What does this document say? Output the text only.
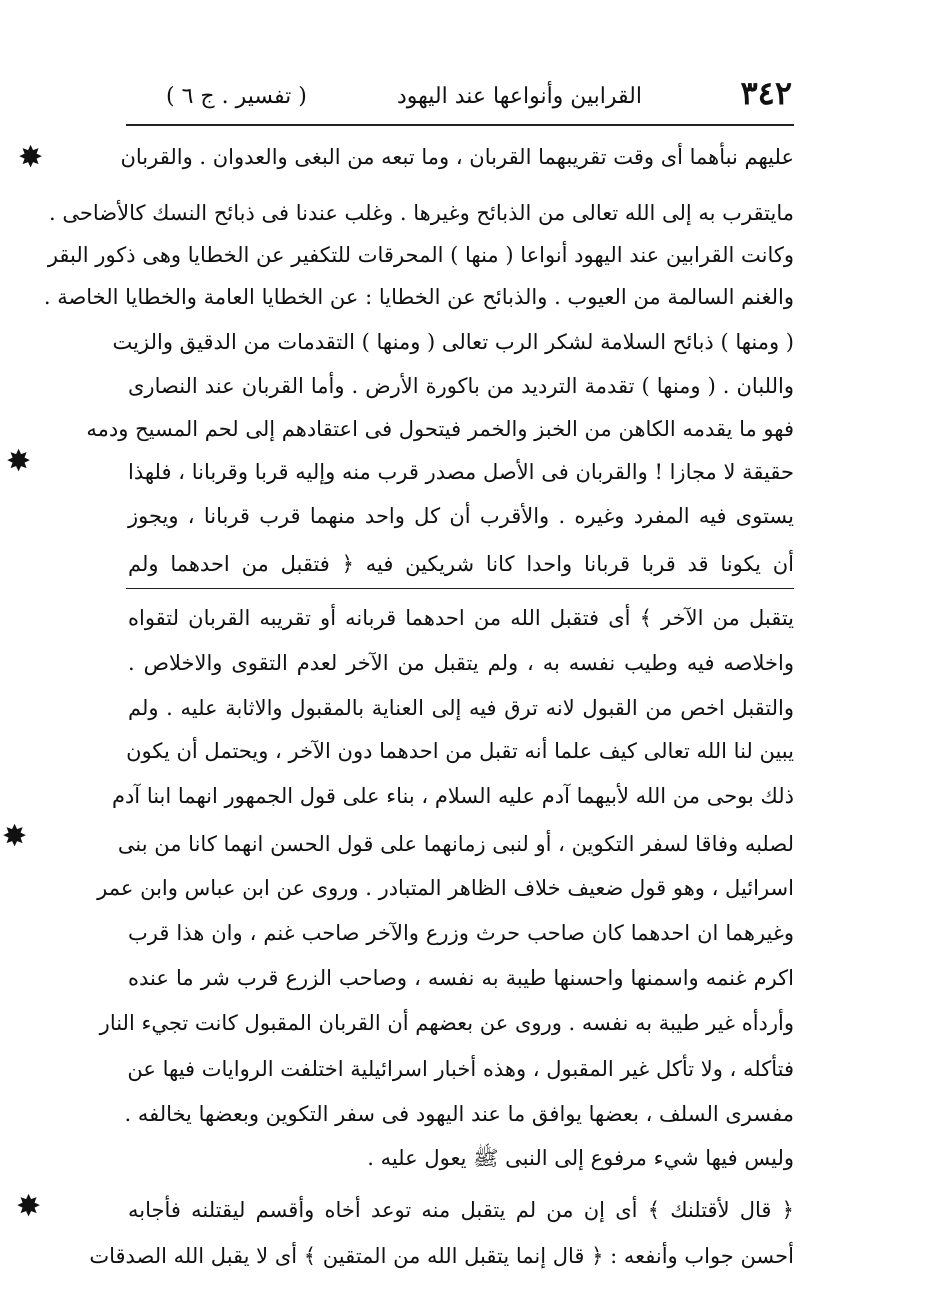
٣٤٢
القرابين وأنواعها عند اليهود
( تفسير . ج ٦ )
عليهم نبأهما أى وقت تقريبهما القربان ، وما تبعه من البغى والعدوان . والقربان
مايتقرب به إلى الله تعالى من الذبائح وغيرها . وغلب عندنا فى ذبائح النسك كالأضاحى .
وكانت القرابين عند اليهود أنواعا ( منها ) المحرقات للتكفير عن الخطايا وهى ذكور البقر
والغنم السالمة من العيوب . والذبائح عن الخطايا : عن الخطايا العامة والخطايا الخاصة .
( ومنها ) ذبائح السلامة لشكر الرب تعالى ( ومنها ) التقدمات من الدقيق والزيت
واللبان . ( ومنها ) تقدمة الترديد من باكورة الأرض . وأما القربان عند النصارى
فهو ما يقدمه الكاهن من الخبز والخمر فيتحول فى اعتقادهم إلى لحم المسيح ودمه
حقيقة لا مجازا ! والقربان فى الأصل مصدر قرب منه وإليه قربا وقربانا ، فلهذا
يستوى فيه المفرد وغيره . والأقرب أن كل واحد منهما قرب قربانا ، ويجوز
أن يكونا قد قربا قربانا واحدا كانا شريكين فيه ﴿ فتقبل من احدهما ولم
يتقبل من الآخر ﴾ أى فتقبل الله من احدهما قربانه أو تقريبه القربان لتقواه
واخلاصه فيه وطيب نفسه به ، ولم يتقبل من الآخر لعدم التقوى والاخلاص .
والتقبل اخص من القبول لانه ترق فيه إلى العناية بالمقبول والاثابة عليه . ولم
يبين لنا الله تعالى كيف علما أنه تقبل من احدهما دون الآخر ، ويحتمل أن يكون
ذلك بوحى من الله لأبيهما آدم عليه السلام ، بناء على قول الجمهور انهما ابنا آدم
لصلبه وفاقا لسفر التكوين ، أو لنبى زمانهما على قول الحسن انهما كانا من بنى
اسرائيل ، وهو قول ضعيف خلاف الظاهر المتبادر . وروى عن ابن عباس وابن عمر
وغيرهما ان احدهما كان صاحب حرث وزرع والآخر صاحب غنم ، وان هذا قرب
اكرم غنمه واسمنها واحسنها طيبة به نفسه ، وصاحب الزرع قرب شر ما عنده
وأردأه غير طيبة به نفسه . وروى عن بعضهم أن القربان المقبول كانت تجيء النار
فتأكله ، ولا تأكل غير المقبول ، وهذه أخبار اسرائيلية اختلفت الروايات فيها عن
مفسرى السلف ، بعضها يوافق ما عند اليهود فى سفر التكوين وبعضها يخالفه .
وليس فيها شيء مرفوع إلى النبى ﷺ يعول عليه .
﴿ قال لأقتلنك ﴾ أى إن من لم يتقبل منه توعد أخاه وأقسم ليقتلنه فأجابه
أحسن جواب وأنفعه : ﴿ قال إنما يتقبل الله من المتقين ﴾ أى لا يقبل الله الصدقات
✸
✸
✸
✸
